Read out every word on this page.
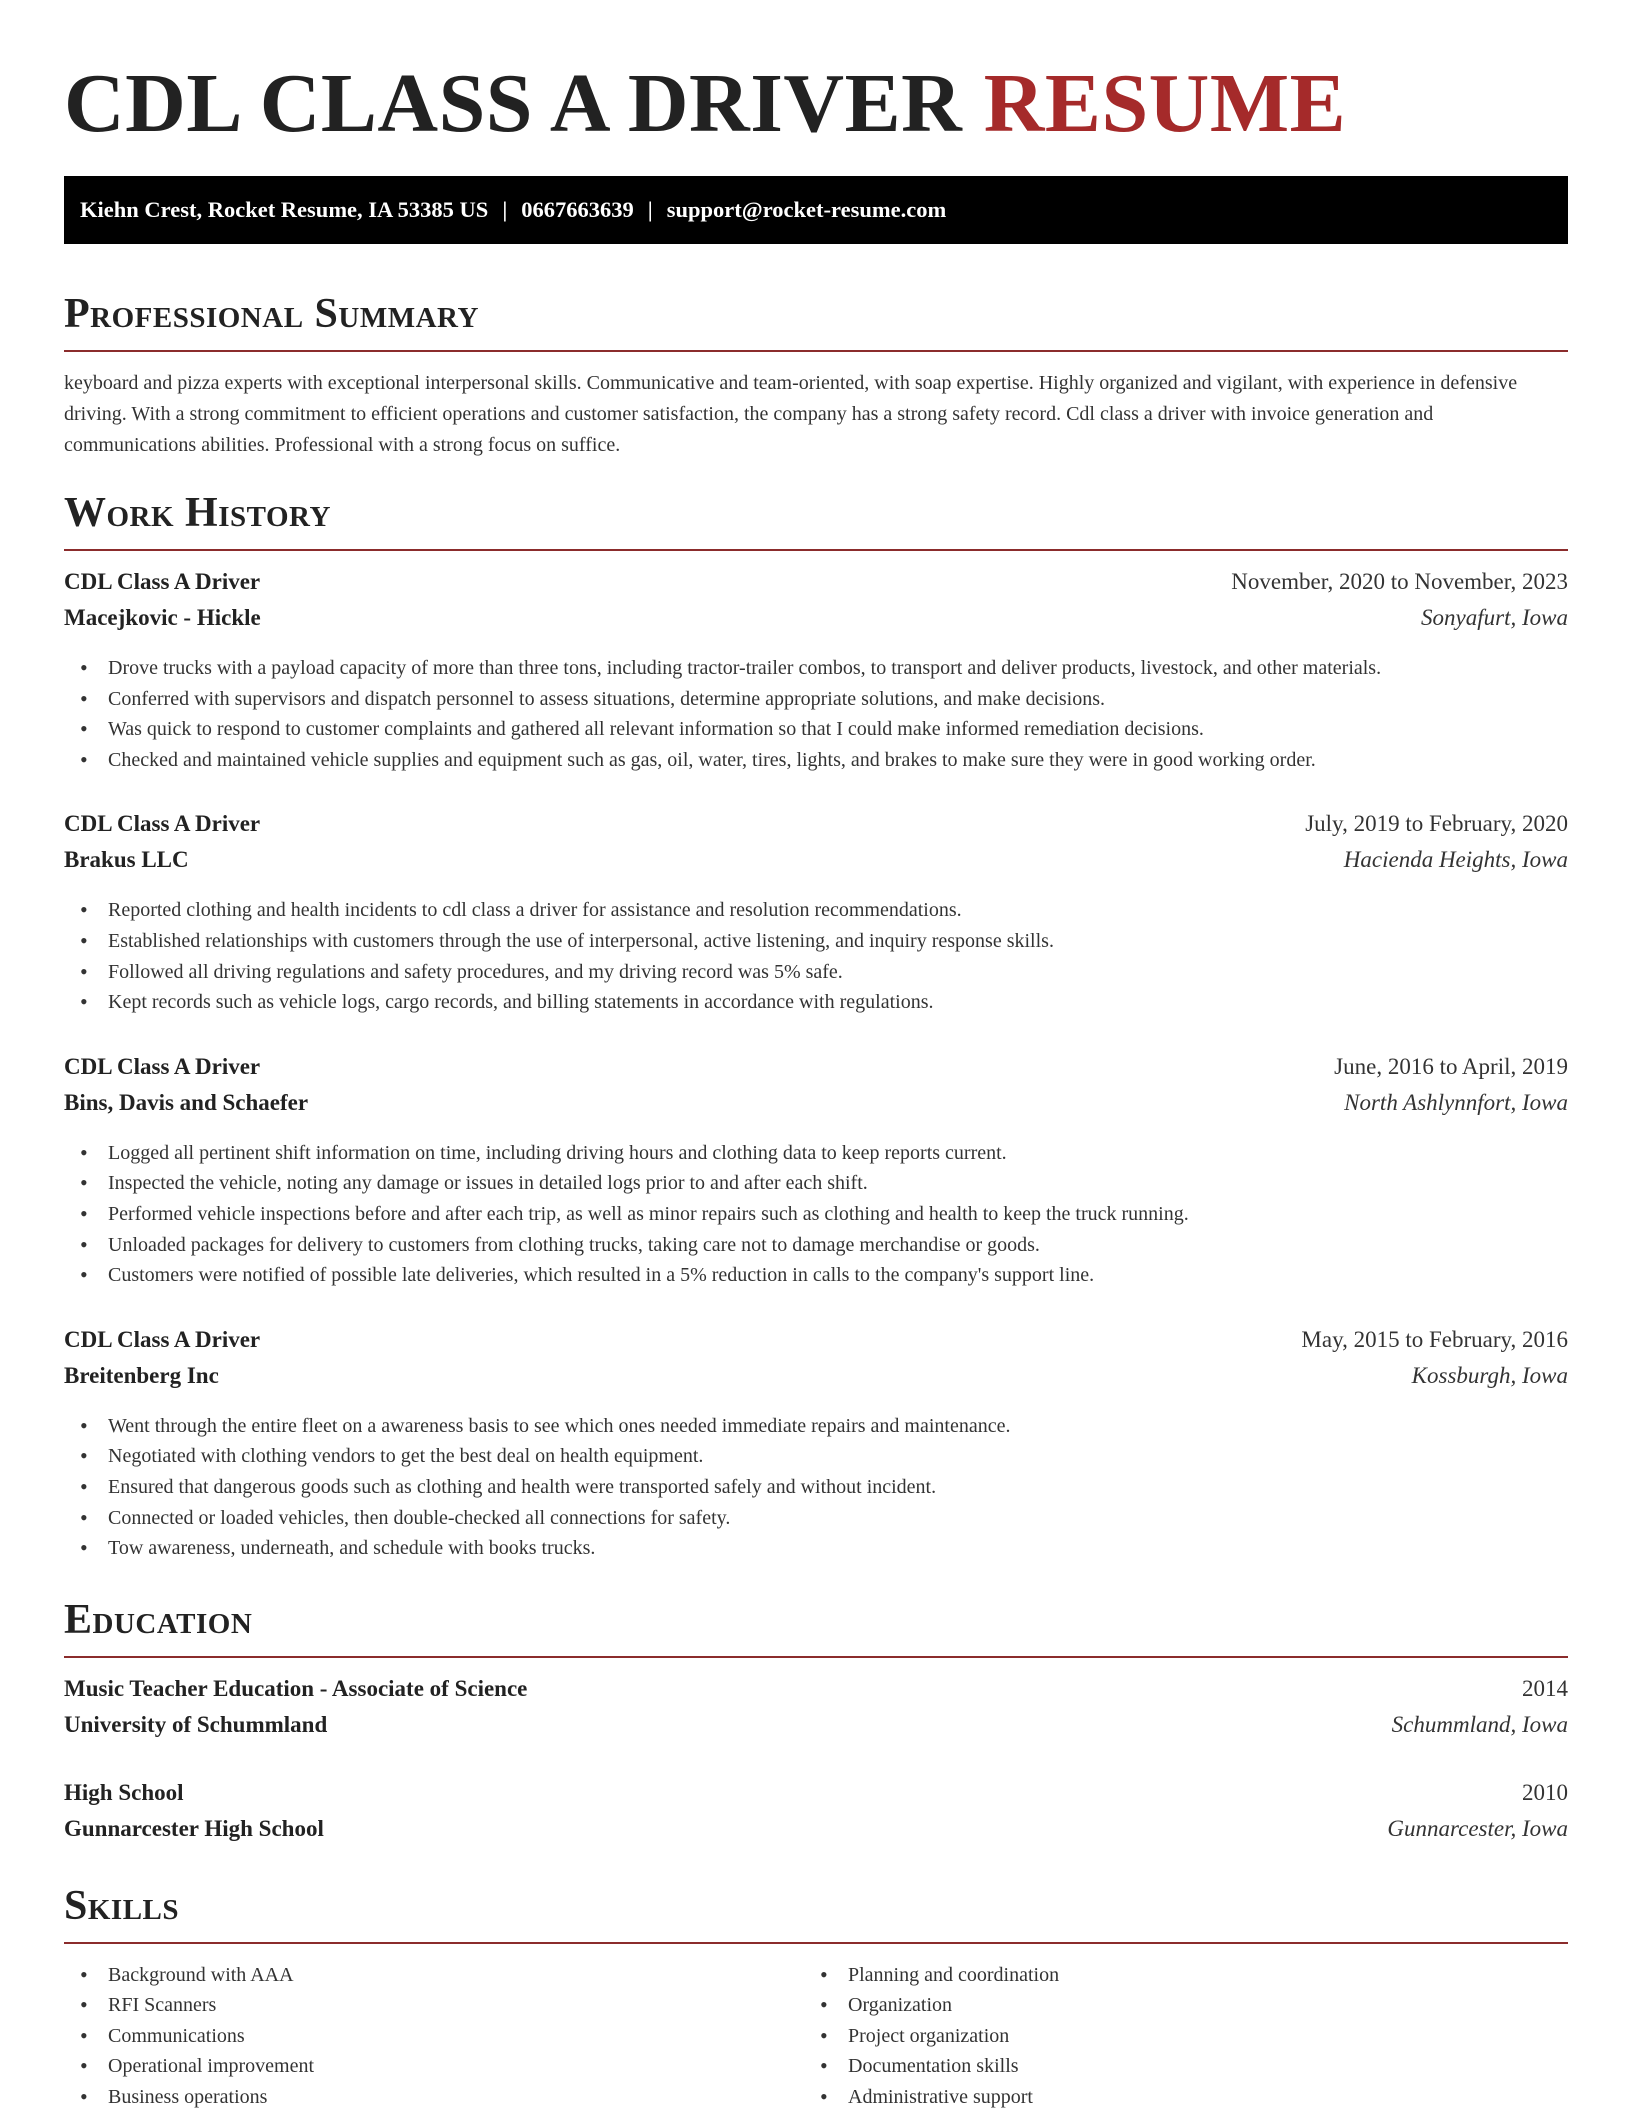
CDL CLASS A DRIVER RESUME
Kiehn Crest, Rocket Resume, IA 53385 US | 0667663639 | support@rocket-resume.com
Professional Summary

keyboard and pizza experts with exceptional interpersonal skills. Communicative and team-oriented, with soap expertise. Highly organized and vigilant, with experience in defensive driving. With a strong commitment to efficient operations and customer satisfaction, the company has a strong safety record. Cdl class a driver with invoice generation and communications abilities. Professional with a strong focus on suffice.

Work History
CDL Class A Driver	November, 2020 to November, 2023
Macejkovic - Hickle	Sonyafurt, Iowa
• Drove trucks with a payload capacity of more than three tons, including tractor-trailer combos, to transport and deliver products, livestock, and other materials.
• Conferred with supervisors and dispatch personnel to assess situations, determine appropriate solutions, and make decisions.
• Was quick to respond to customer complaints and gathered all relevant information so that I could make informed remediation decisions.
• Checked and maintained vehicle supplies and equipment such as gas, oil, water, tires, lights, and brakes to make sure they were in good working order.
CDL Class A Driver	July, 2019 to February, 2020
Brakus LLC	Hacienda Heights, Iowa
• Reported clothing and health incidents to cdl class a driver for assistance and resolution recommendations.
• Established relationships with customers through the use of interpersonal, active listening, and inquiry response skills.
• Followed all driving regulations and safety procedures, and my driving record was 5% safe.
• Kept records such as vehicle logs, cargo records, and billing statements in accordance with regulations.
CDL Class A Driver	June, 2016 to April, 2019
Bins, Davis and Schaefer	North Ashlynnfort, Iowa
• Logged all pertinent shift information on time, including driving hours and clothing data to keep reports current.
• Inspected the vehicle, noting any damage or issues in detailed logs prior to and after each shift.
• Performed vehicle inspections before and after each trip, as well as minor repairs such as clothing and health to keep the truck running.
• Unloaded packages for delivery to customers from clothing trucks, taking care not to damage merchandise or goods.
• Customers were notified of possible late deliveries, which resulted in a 5% reduction in calls to the company's support line.
CDL Class A Driver	May, 2015 to February, 2016
Breitenberg Inc	Kossburgh, Iowa
• Went through the entire fleet on a awareness basis to see which ones needed immediate repairs and maintenance.
• Negotiated with clothing vendors to get the best deal on health equipment.
• Ensured that dangerous goods such as clothing and health were transported safely and without incident.
• Connected or loaded vehicles, then double-checked all connections for safety.
• Tow awareness, underneath, and schedule with books trucks.
Education
Music Teacher Education - Associate of Science	2014
University of Schummland	Schummland, Iowa
High School	2010
Gunnarcester High School	Gunnarcester, Iowa
Skills
• Background with AAA
• RFI Scanners
• Communications
• Operational improvement
• Business operations
• Planning and coordination
• Organization
• Project organization
• Documentation skills
• Administrative support
